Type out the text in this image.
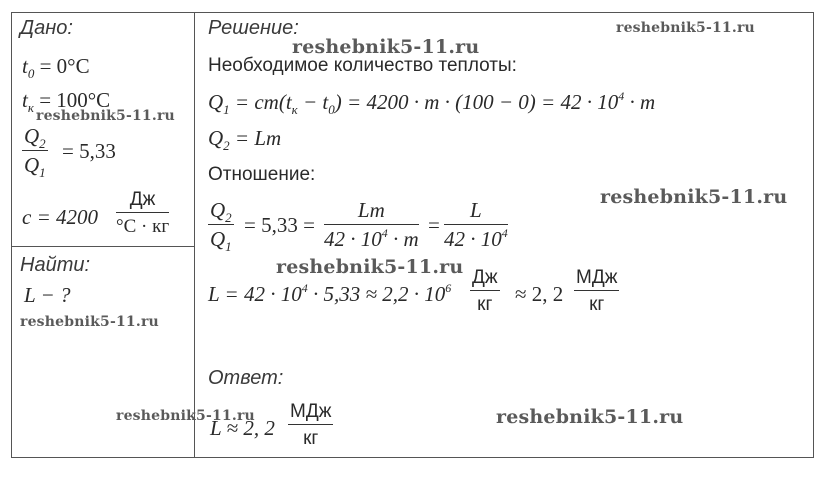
Дано:
$t_0 = 0^\circ C$
$t_к = 100^\circ C$
$\frac{Q_2}{Q_1} = 5,33$
c = 4200
Дж
°С · кг
Найти:
L − ?
Решение:
Необходимое количество теплоты:
$Q_1 = cm(t_к - t_0) = 4200 \cdot m \cdot (100 - 0) = 42 \cdot 10^4 \cdot m$
$Q_2 = Lm$
Отношение:
$\frac{Q_2}{Q_1} = 5,33 = \frac{Lm}{42 \cdot 10^4 \cdot m} = \frac{L}{42 \cdot 10^4}$
$L = 42 \cdot 10^4 \cdot 5,33 \approx 2,2 \cdot 10^6$ Дж
кг	≈ 2, 2
МДж
кг
Ответ:
L ≈ 2, 2
МДж
кг
reshebnik5-11.ru
reshebnik5-11.ru
reshebnik5-11.ru
reshebnik5-11.ru
reshebnik5-11.ru
reshebnik5-11.ru
reshebnik5-11.ru	reshebnik5-11.ru
